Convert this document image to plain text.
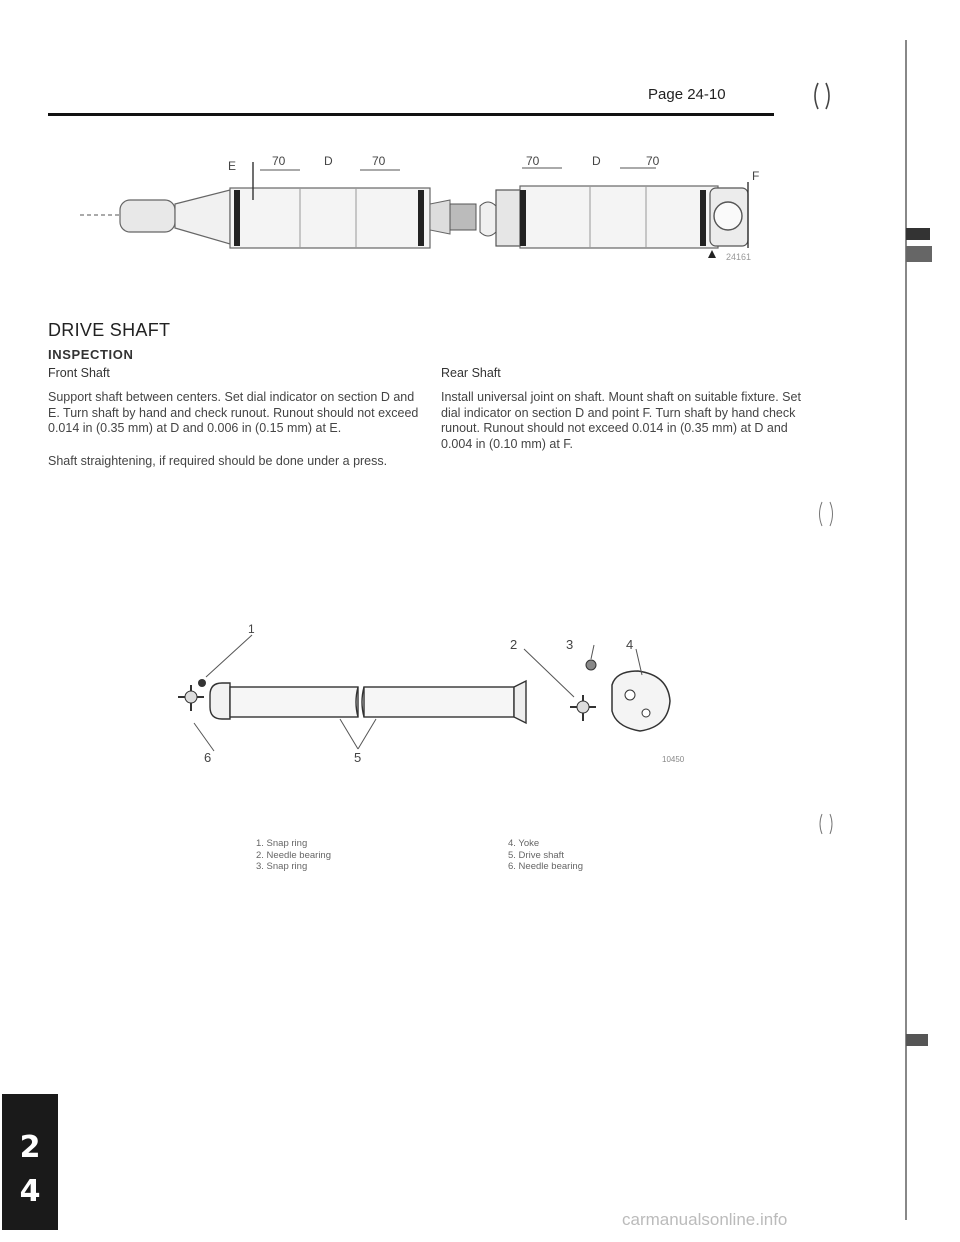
Page 24-10
E	70	D	70	70	D	70
F
24161
DRIVE SHAFT
INSPECTION
Front Shaft

Support shaft between centers. Set dial indicator on section D and E. Turn shaft by hand and check runout. Runout should not exceed 0.014 in (0.35 mm) at D and 0.006 in (0.15 mm) at E.

Shaft straightening, if required should be done under a press.

Rear Shaft

Install universal joint on shaft. Mount shaft on suitable fixture. Set dial indicator on section D and point F. Turn shaft by hand check runout. Runout should not exceed 0.014 in (0.35 mm) at D and 0.004 in (0.10 mm) at F.

1
2	3	4
5
6	10450
1. Snap ring
2. Needle bearing
3. Snap ring
4. Yoke
5. Drive shaft
6. Needle bearing
2
4
carmanualsonline.info
